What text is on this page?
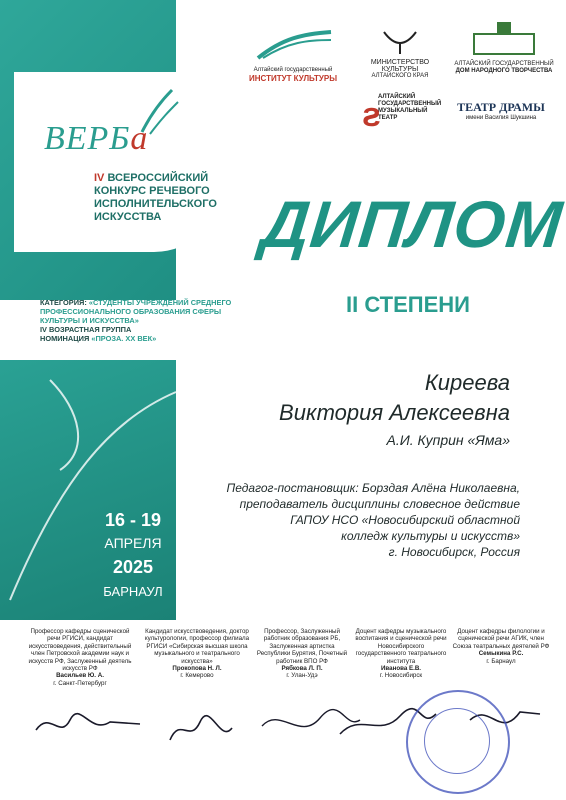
Алтайский государственный
ИНСТИТУТ КУЛЬТУРЫ
МИНИСТЕРСТВО
КУЛЬТУРЫ
АЛТАЙСКОГО КРАЯ
АЛТАЙСКИЙ ГОСУДАРСТВЕННЫЙ
ДОМ НАРОДНОГО ТВОРЧЕСТВА
ƨ
АЛТАЙСКИЙ
ГОСУДАРСТВЕННЫЙ
МУЗЫКАЛЬНЫЙ
ТЕАТР
ТЕАТР ДРАМЫ
имени Василия Шукшина
ВЕРБа
IV ВСЕРОССИЙСКИЙ
КОНКУРС РЕЧЕВОГО
ИСПОЛНИТЕЛЬСКОГО
ИСКУССТВА
КАТЕГОРИЯ: «СТУДЕНТЫ УЧРЕЖДЕНИЙ СРЕДНЕГО ПРОФЕССИОНАЛЬНОГО ОБРАЗОВАНИЯ СФЕРЫ КУЛЬТУРЫ И ИСКУССТВА»
IV ВОЗРАСТНАЯ ГРУППА
НОМИНАЦИЯ «ПРОЗА. XX ВЕК»
ДИПЛОМ
II СТЕПЕНИ
Киреева
Виктория Алексеевна
А.И. Куприн «Яма»
Педагог-постановщик: Борздая Алёна Николаевна,
преподаватель дисциплины словесное действие
ГАПОУ НСО «Новосибирский областной
колледж культуры и искусств»
г. Новосибирск, Россия
16 - 19
АПРЕЛЯ
2025
БАРНАУЛ
Профессор кафедры сценической речи РГИСИ, кандидат искусствоведения, действительный член Петровской академии наук и искусств РФ, Заслуженный деятель искусств РФ
Васильев Ю. А.
г. Санкт-Петербург
Кандидат искусствоведения, доктор культурологии, профессор филиала РГИСИ «Сибирская высшая школа музыкального и театрального искусства»
Прокопова Н. Л.
г. Кемерово
Профессор, Заслуженный работник образования РБ, Заслуженная артистка Республики Бурятия, Почетный работник ВПО РФ
Рябкова Л. П.
г. Улан-Удэ
Доцент кафедры музыкального воспитания и сценической речи Новосибирского государственного театрального института
Иванова Е.В.
г. Новосибирск
Доцент кафедры филологии и сценической речи АГИК, член Союза театральных деятелей РФ
Семыкина Р.С.
г. Барнаул
